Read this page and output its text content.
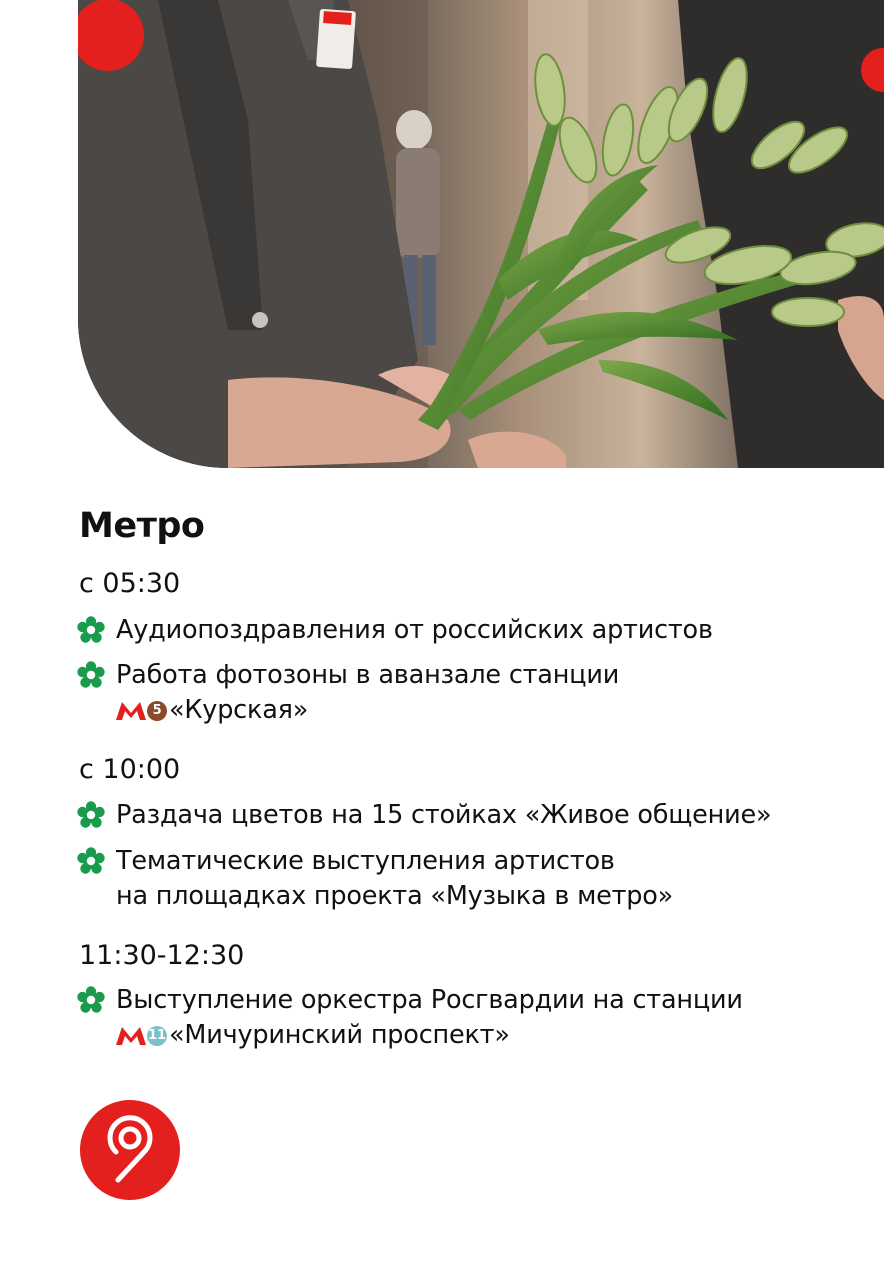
Метро
с 05:30
Аудиопоздравления от российских артистов
Работа фотозоны в аванзале станции
5 «Курская»
с 10:00
Раздача цветов на 15 стойках «Живое общение»
Тематические выступления артистов
на площадках проекта «Музыка в метро»
11:30-12:30
Выступление оркестра Росгвардии на станции
11 «Мичуринский проспект»
